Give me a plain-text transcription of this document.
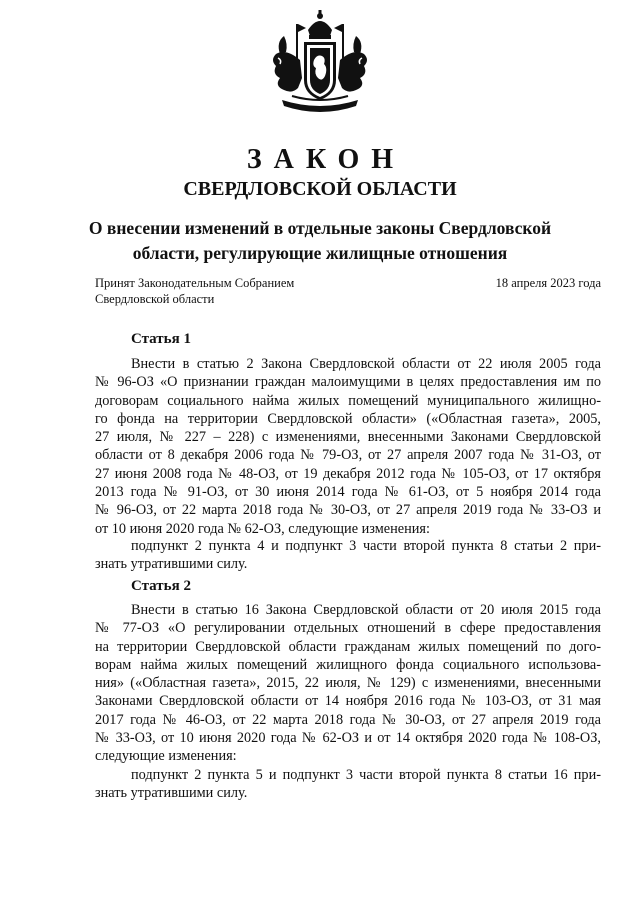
ЗАКОН
СВЕРДЛОВСКОЙ ОБЛАСТИ
О внесении изменений в отдельные законы Свердловской
области, регулирующие жилищные отношения
Принят Законодательным Собранием
Свердловской области
18 апреля 2023 года
Статья 1
Внести в статью 2 Закона Свердловской области от 22 июля 2005 года
№ 96-ОЗ «О признании граждан малоимущими в целях предоставления им по
договорам социального найма жилых помещений муниципального жилищно-
го фонда на территории Свердловской области» («Областная газета», 2005,
27 июля, № 227 – 228) с изменениями, внесенными Законами Свердловской
области от 8 декабря 2006 года № 79-ОЗ, от 27 апреля 2007 года № 31-ОЗ, от
27 июня 2008 года № 48-ОЗ, от 19 декабря 2012 года № 105-ОЗ, от 17 октября
2013 года № 91-ОЗ, от 30 июня 2014 года № 61-ОЗ, от 5 ноября 2014 года
№ 96-ОЗ, от 22 марта 2018 года № 30-ОЗ, от 27 апреля 2019 года № 33-ОЗ и
от 10 июня 2020 года № 62-ОЗ, следующие изменения:
подпункт 2 пункта 4 и подпункт 3 части второй пункта 8 статьи 2 при-
знать утратившими силу.
Статья 2
Внести в статью 16 Закона Свердловской области от 20 июля 2015 года
№ 77-ОЗ «О регулировании отдельных отношений в сфере предоставления
на территории Свердловской области гражданам жилых помещений по дого-
ворам найма жилых помещений жилищного фонда социального использова-
ния» («Областная газета», 2015, 22 июля, № 129) с изменениями, внесенными
Законами Свердловской области от 14 ноября 2016 года № 103-ОЗ, от 31 мая
2017 года № 46-ОЗ, от 22 марта 2018 года № 30-ОЗ, от 27 апреля 2019 года
№ 33-ОЗ, от 10 июня 2020 года № 62-ОЗ и от 14 октября 2020 года № 108-ОЗ,
следующие изменения:
подпункт 2 пункта 5 и подпункт 3 части второй пункта 8 статьи 16 при-
знать утратившими силу.
